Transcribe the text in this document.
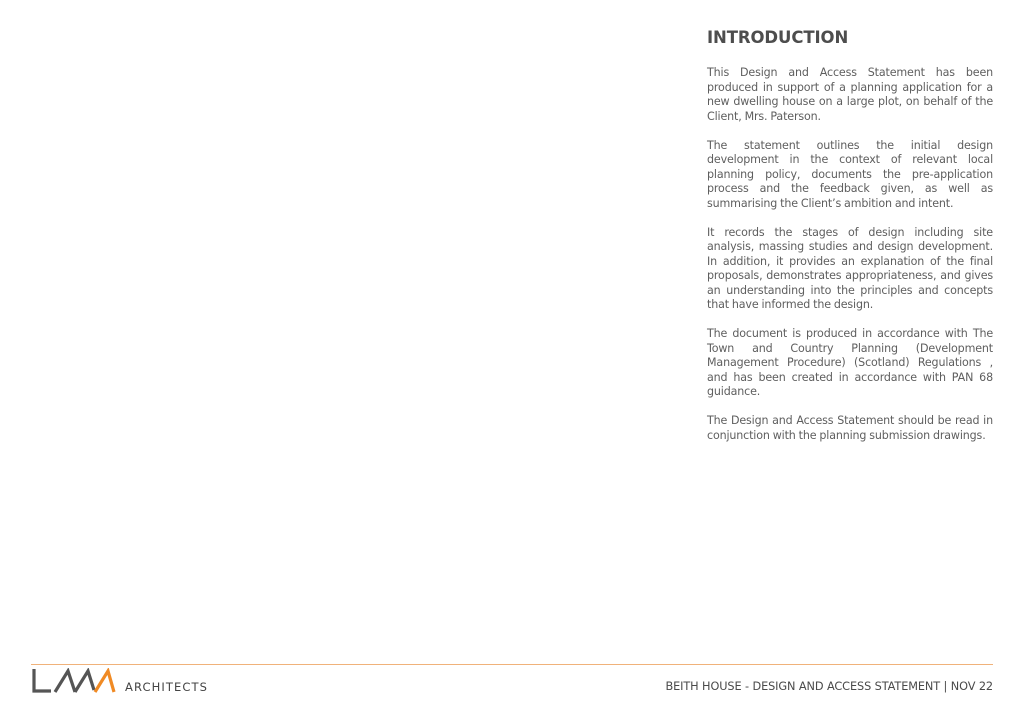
INTRODUCTION

This Design and Access Statement has been produced in support of a planning application for a new dwelling house on a large plot, on behalf of the Client, Mrs. Paterson.

The statement outlines the initial design development in the context of relevant local planning policy, documents the pre-application process and the feedback given, as well as summarising the Client’s ambition and intent.

It records the stages of design including site analysis, massing studies and design development. In addition, it provides an explanation of the final proposals, demonstrates appropriateness, and gives an understanding into the principles and concepts that have informed the design.

The document is produced in accordance with The Town and Country Planning (Development Management Procedure) (Scotland) Regulations , and has been created in accordance with PAN 68 guidance.

The Design and Access Statement should be read in conjunction with the planning submission drawings.

ARCHITECTS	BEITH HOUSE - DESIGN AND ACCESS STATEMENT | NOV 22
